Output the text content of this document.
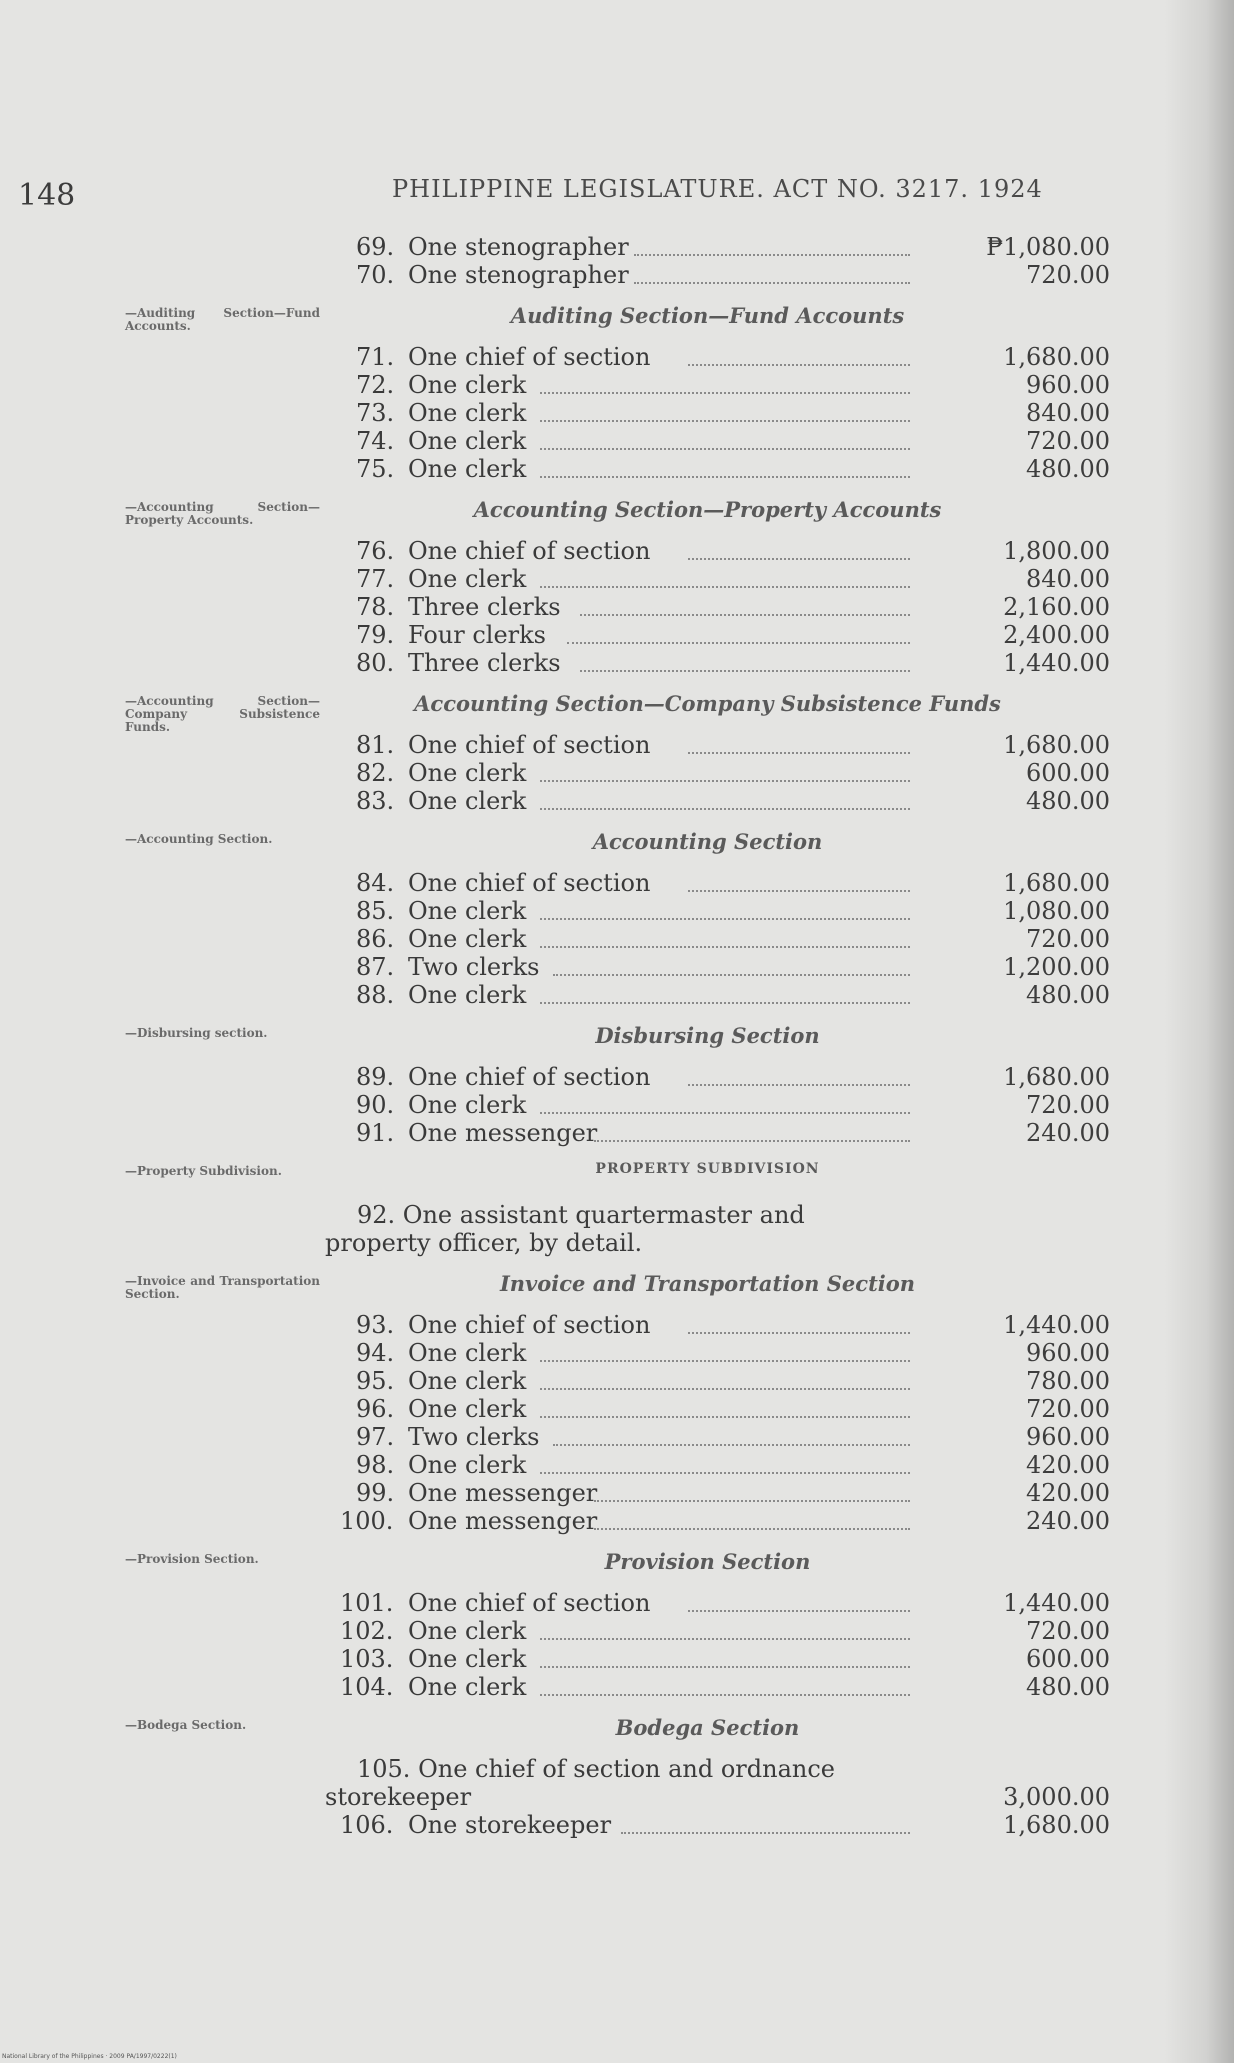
148	PHILIPPINE LEGISLATURE. ACT NO. 3217. 1924
69. One stenographer	₱1,080.00
70. One stenographer	720.00
—Auditing Section—Fund Accounts.	Auditing Section—Fund Accounts
71. One chief of section	1,680.00
72. One clerk	960.00
73. One clerk	840.00
74. One clerk	720.00
75. One clerk	480.00
—Accounting Section—Property Accounts.	Accounting Section—Property Accounts
76. One chief of section	1,800.00
77. One clerk	840.00
78. Three clerks	2,160.00
79. Four clerks	2,400.00
80. Three clerks	1,440.00
—Accounting Section—Company Subsistence Funds.
Accounting Section—Company Subsistence Funds
81. One chief of section	1,680.00
82. One clerk	600.00
83. One clerk	480.00
—Accounting Section.	Accounting Section
84. One chief of section	1,680.00
85. One clerk	1,080.00
86. One clerk	720.00
87. Two clerks	1,200.00
88. One clerk	480.00
—Disbursing section.	Disbursing Section
89. One chief of section	1,680.00
90. One clerk	720.00
91. One messenger	240.00
—Property Subdivision.	PROPERTY SUBDIVISION
92. One assistant quartermaster and property officer, by detail.
—Invoice and Transportation Section.	Invoice and Transportation Section
93. One chief of section	1,440.00
94. One clerk	960.00
95. One clerk	780.00
96. One clerk	720.00
97. Two clerks	960.00
98. One clerk	420.00
99. One messenger	420.00
100. One messenger	240.00
—Provision Section.	Provision Section
101. One chief of section	1,440.00
102. One clerk	720.00
103. One clerk	600.00
104. One clerk	480.00
—Bodega Section.	Bodega Section
105. One chief of section and ordnance storekeeper	3,000.00
106. One storekeeper	1,680.00
National Library of the Philippines · 2009 PA/1997/0222(1)
